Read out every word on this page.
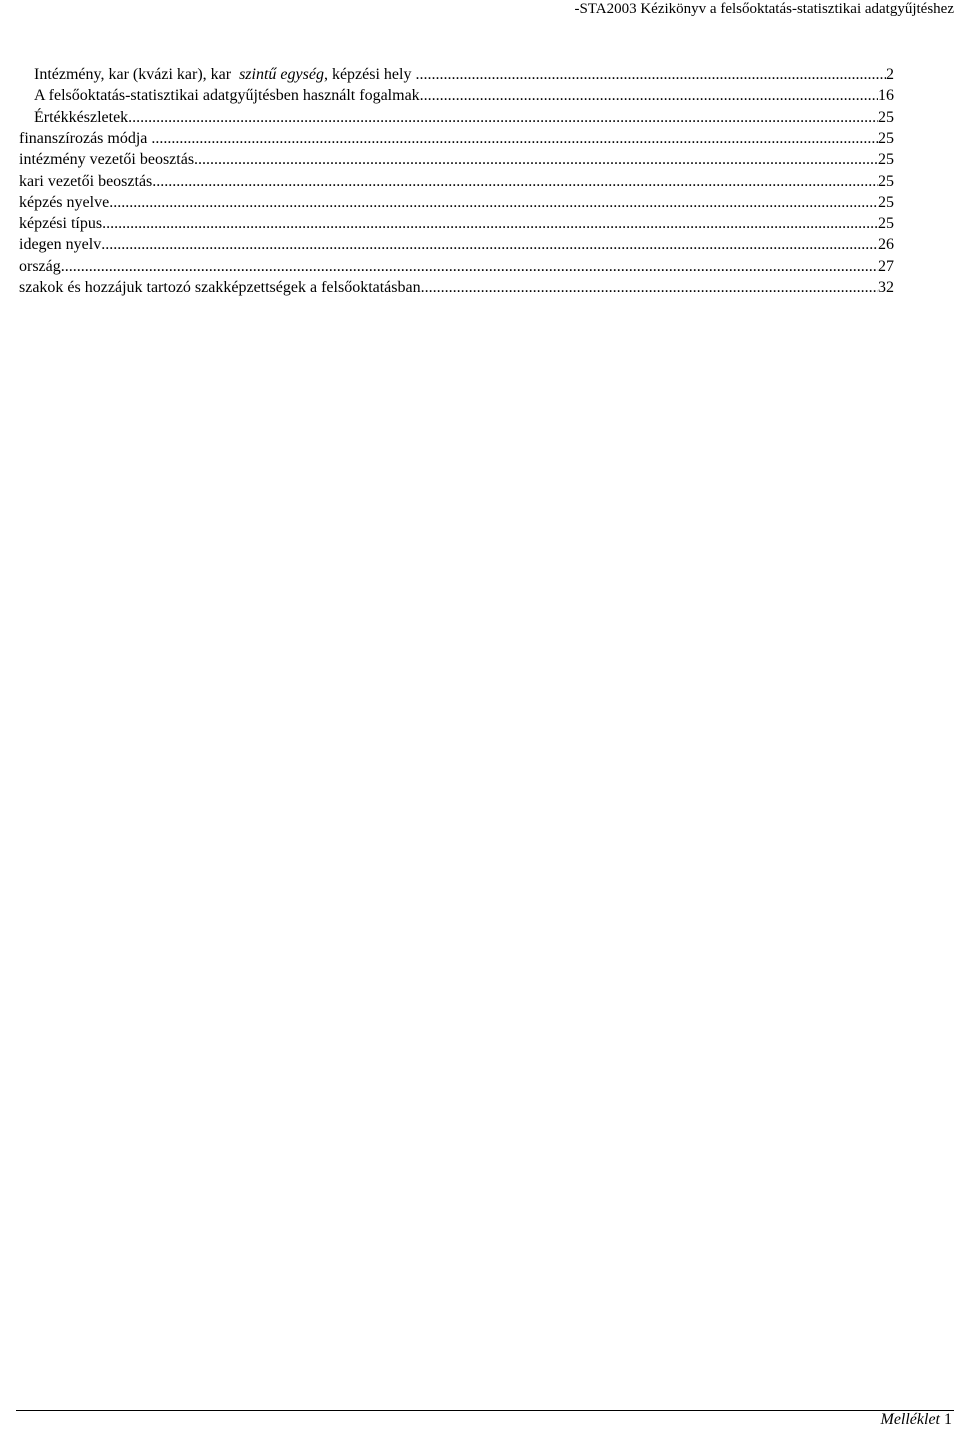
-STA2003 Kézikönyv a felsőoktatás-statisztikai adatgyűjtéshez
Intézmény, kar (kvázi kar), kar  szintű egység, képzési hely .....	2
A felsőoktatás-statisztikai adatgyűjtésben használt fogalmak .....	16
Értékkészletek .....	25
finanszírozás módja .....	25
intézmény vezetői beosztás .....	25
kari vezetői beosztás .....	25
képzés nyelve .....	25
képzési típus .....	25
idegen nyelv .....	26
ország .....	27
szakok és hozzájuk tartozó szakképzettségek a felsőoktatásban .....	32
Melléklet 1
